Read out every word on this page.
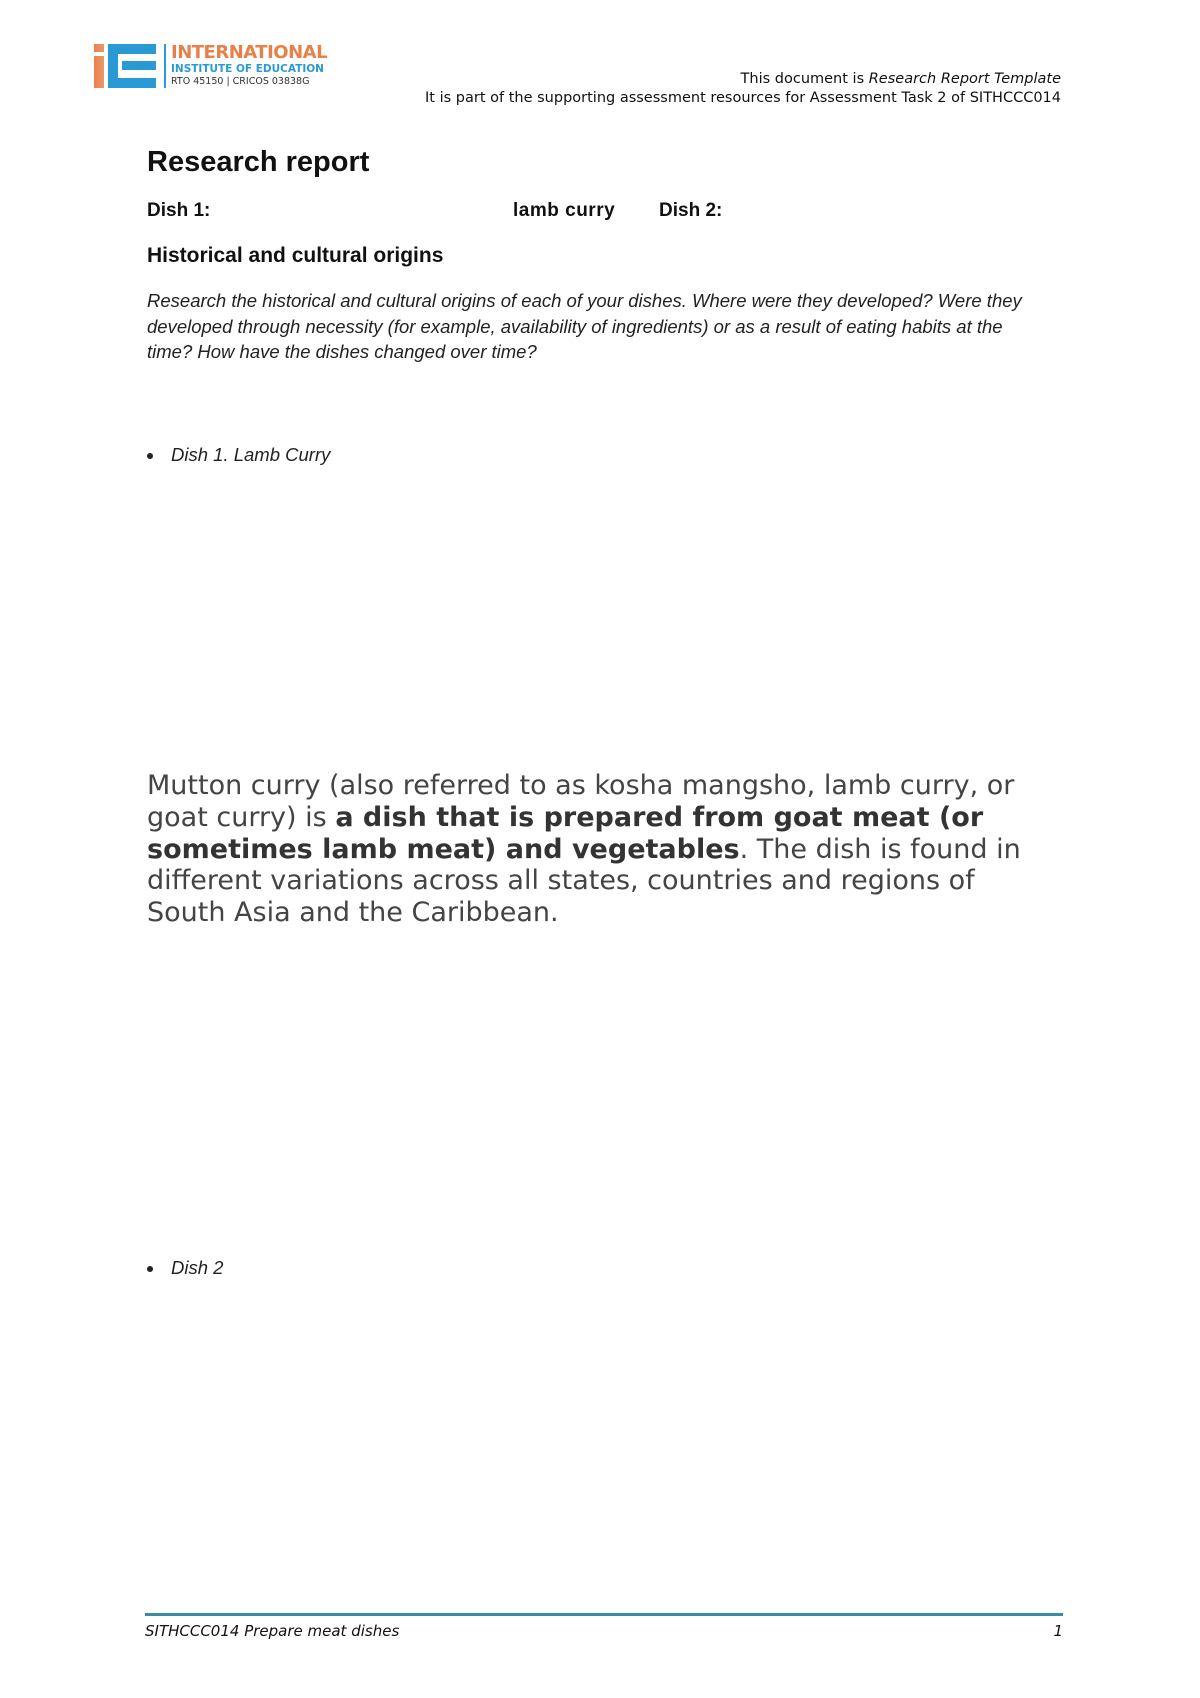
INTERNATIONAL
INSTITUTE OF EDUCATION
RTO 45150 | CRICOS 03838G	This document is Research Report Template
It is part of the supporting assessment resources for Assessment Task 2 of SITHCCC014
Research report
Dish 1:	lamb curry Dish 2:
Historical and cultural origins
Research the historical and cultural origins of each of your dishes. Where were they developed? Were they developed through necessity (for example, availability of ingredients) or as a result of eating habits at the time? How have the dishes changed over time?
Dish 1. Lamb Curry
Mutton curry (also referred to as kosha mangsho, lamb curry, or goat curry) is a dish that is prepared from goat meat (or sometimes lamb meat) and vegetables. The dish is found in different variations across all states, countries and regions of South Asia and the Caribbean.
Dish 2
SITHCCC014 Prepare meat dishes	1
